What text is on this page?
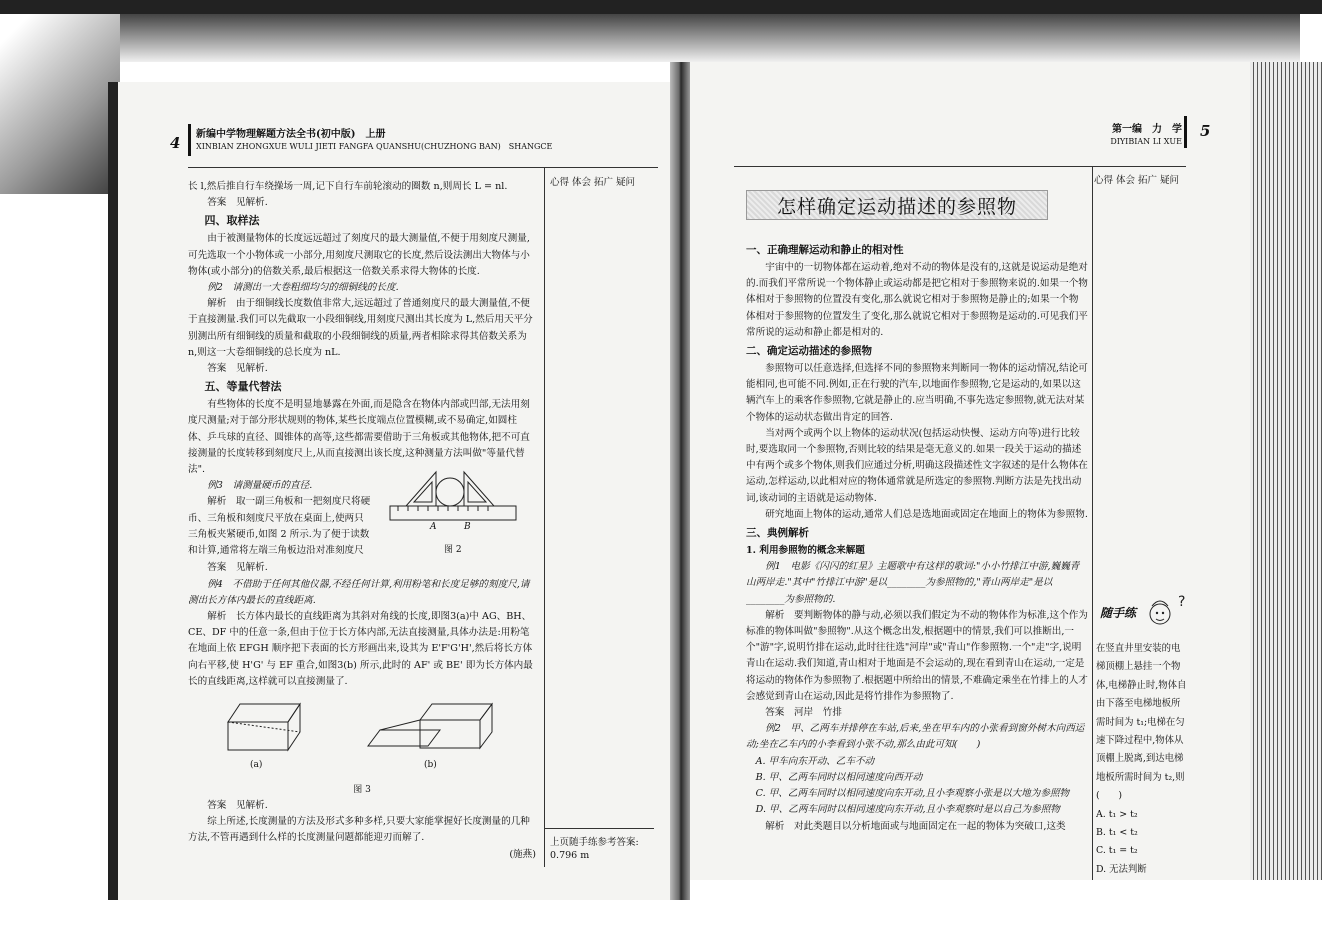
4 新编中学物理解题方法全书(初中版)　上册
XINBIAN ZHONGXUE WULI JIETI FANGFA QUANSHU(CHUZHONG BAN)　SHANGCE
心得 体会 拓广 疑问

长 l,然后推自行车绕操场一周,记下自行车前轮滚动的圈数 n,则周长 L = nl.

答案　见解析.

四、取样法

由于被测量物体的长度远远超过了刻度尺的最大测量值,不便于用刻度尺测量,可先选取一个小物体或一小部分,用刻度尺测取它的长度,然后设法测出大物体与小物体(或小部分)的倍数关系,最后根据这一倍数关系求得大物体的长度.

例2　请测出一大卷粗细均匀的细铜线的长度.

解析　由于细铜线长度数值非常大,远远超过了普通刻度尺的最大测量值,不便于直接测量.我们可以先截取一小段细铜线,用刻度尺测出其长度为 L,然后用天平分别测出所有细铜线的质量和截取的小段细铜线的质量,两者相除求得其倍数关系为 n,则这一大卷细铜线的总长度为 nL.

答案　见解析.

五、等量代替法

有些物体的长度不是明显地暴露在外面,而是隐含在物体内部或凹部,无法用刻度尺测量;对于部分形状规则的物体,某些长度端点位置模糊,或不易确定,如圆柱体、乒乓球的直径、圆锥体的高等,这些都需要借助于三角板或其他物体,把不可直接测量的长度转移到刻度尺上,从而直接测出该长度,这种测量方法叫做"等量代替法".

例3　请测量硬币的直径.

解析　取一副三角板和一把刻度尺将硬币、三角板和刻度尺平放在桌面上,使两只三角板夹紧硬币,如图 2 所示.为了便于读数和计算,通常将左端三角板边沿对准刻度尺

A	B
图 2

答案　见解析.

例4　不借助于任何其他仪器,不经任何计算,利用粉笔和长度足够的刻度尺,请测出长方体内最长的直线距离.

解析　长方体内最长的直线距离为其斜对角线的长度,即图3(a)中 AG、BH、CE、DF 中的任意一条,但由于位于长方体内部,无法直接测量,具体办法是:用粉笔在地面上依 EFGH 顺序把下表面的长方形画出来,设其为 E'F'G'H',然后将长方体向右平移,使 H'G' 与 EF 重合,如图3(b) 所示,此时的 AF' 或 BE' 即为长方体内最长的直线距离,这样就可以直接测量了.

(a)	(b)
图 3

答案　见解析.

综上所述,长度测量的方法及形式多种多样,只要大家能掌握好长度测量的几种方法,不管再遇到什么样的长度测量问题都能迎刃而解了.

(施燕)

上页随手练参考答案:
0.796 m
第一编　力　学
DIYIBIAN LI XUE
5
心得 体会 拓广 疑问
怎样确定运动描述的参照物
一、正确理解运动和静止的相对性

宇宙中的一切物体都在运动着,绝对不动的物体是没有的,这就是说运动是绝对的.而我们平常所说一个物体静止或运动都是把它相对于参照物来说的.如果一个物体相对于参照物的位置没有变化,那么就说它相对于参照物是静止的;如果一个物体相对于参照物的位置发生了变化,那么就说它相对于参照物是运动的.可见我们平常所说的运动和静止都是相对的.

二、确定运动描述的参照物

参照物可以任意选择,但选择不同的参照物来判断同一物体的运动情况,结论可能相同,也可能不同.例如,正在行驶的汽车,以地面作参照物,它是运动的,如果以这辆汽车上的乘客作参照物,它就是静止的.应当明确,不事先选定参照物,就无法对某个物体的运动状态做出肯定的回答.

当对两个或两个以上物体的运动状况(包括运动快慢、运动方向等)进行比较时,要选取同一个参照物,否则比较的结果是毫无意义的.如果一段关于运动的描述中有两个或多个物体,则我们应通过分析,明确这段描述性文字叙述的是什么物体在运动,怎样运动,以此相对应的物体通常就是所选定的参照物.判断方法是先找出动词,该动词的主语就是运动物体.

研究地面上物体的运动,通常人们总是选地面或固定在地面上的物体为参照物.

三、典例解析

1. 利用参照物的概念来解题

例1　电影《闪闪的红星》主题歌中有这样的歌词:"小小竹排江中游,巍巍青山两岸走."其中"竹排江中游"是以________为参照物的,"青山两岸走"是以________为参照物的.

解析　要判断物体的静与动,必须以我们假定为不动的物体作为标准,这个作为标准的物体叫做"参照物".从这个概念出发,根据题中的情景,我们可以推断出,一个"游"字,说明竹排在运动,此时往往选"河岸"或"青山"作参照物.一个"走"字,说明青山在运动.我们知道,青山相对于地面是不会运动的,现在看到青山在运动,一定是将运动的物体作为参照物了.根据题中所给出的情景,不难确定乘坐在竹排上的人才会感觉到青山在运动,因此是将竹排作为参照物了.

答案　河岸　竹排

例2　甲、乙两车并排停在车站,后来,坐在甲车内的小张看到窗外树木向西运动;坐在乙车内的小李看到小张不动,那么由此可知(　　)

A. 甲车向东开动、乙车不动

B. 甲、乙两车同时以相同速度向西开动

C. 甲、乙两车同时以相同速度向东开动,且小李观察小张是以大地为参照物

D. 甲、乙两车同时以相同速度向东开动,且小李观察时是以自己为参照物

解析　对此类题目以分析地面或与地面固定在一起的物体为突破口,这类

?
随手练

在竖直井里安装的电梯顶棚上悬挂一个物体,电梯静止时,物体自由下落至电梯地板所需时间为 t₁;电梯在匀速下降过程中,物体从顶棚上脱离,到达电梯地板所需时间为 t₂,则(　　)

A. t₁ > t₂

B. t₁ < t₂

C. t₁ = t₂

D. 无法判断
